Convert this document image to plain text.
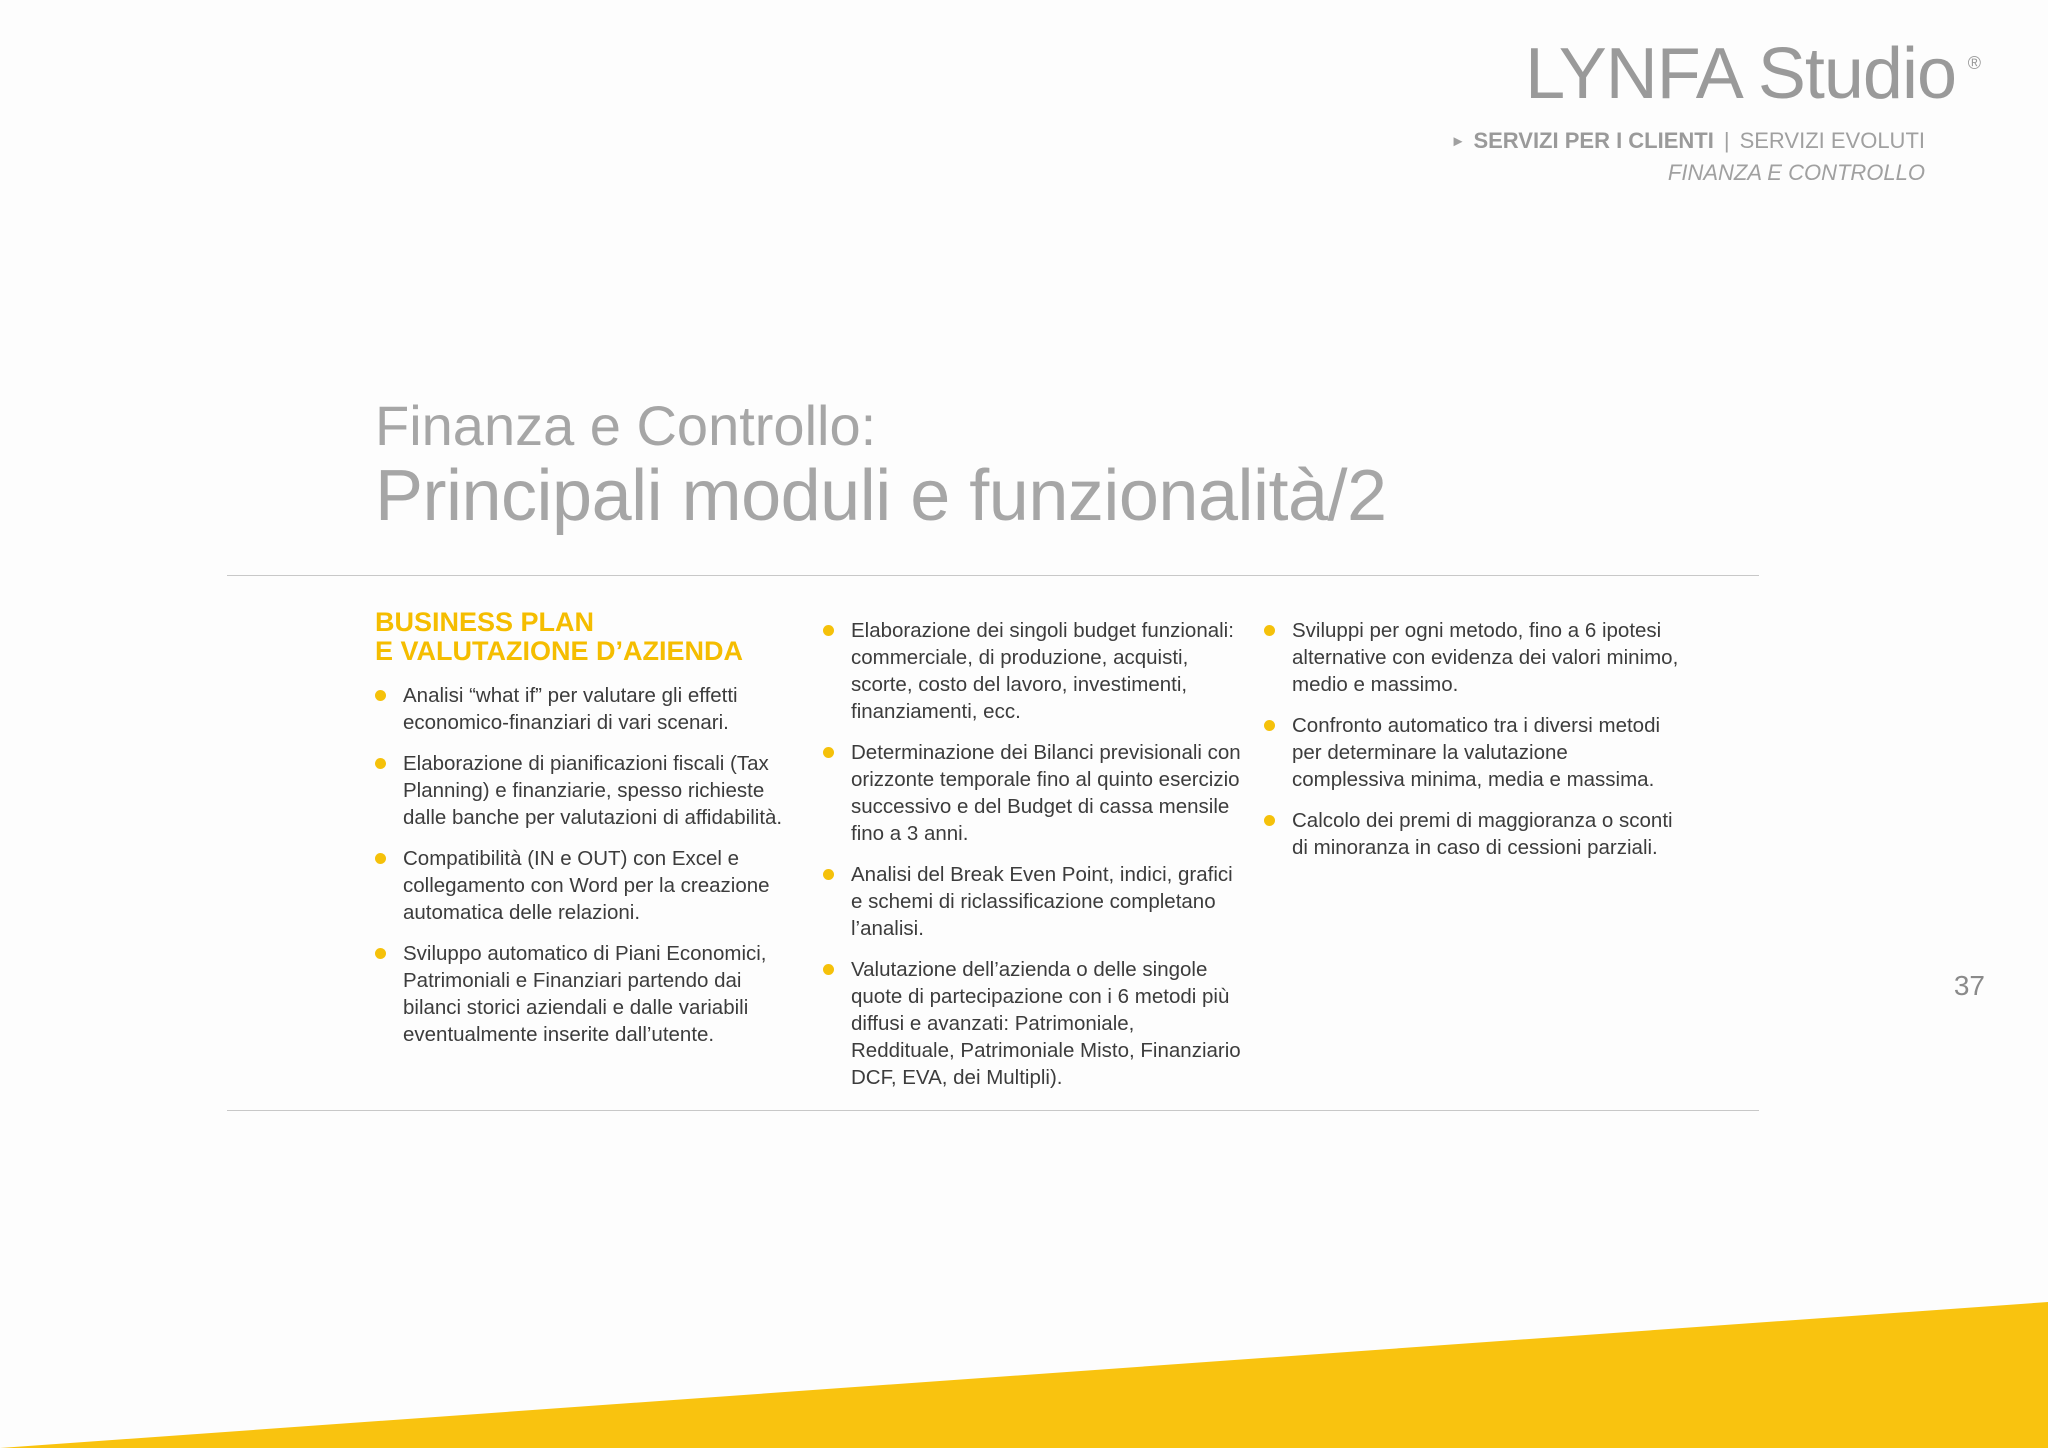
LYNFA Studio ®
► SERVIZI PER I CLIENTI | SERVIZI EVOLUTI
FINANZA E CONTROLLO
Finanza e Controllo:
Principali moduli e funzionalità/2
BUSINESS PLAN
E VALUTAZIONE D’AZIENDA
Analisi “what if” per valutare gli effetti economico-finanziari di vari scenari.
Elaborazione di pianificazioni fiscali (Tax Planning) e finanziarie, spesso richieste dalle banche per valutazioni di affidabilità.
Compatibilità (IN e OUT) con Excel e collegamento con Word per la creazione automatica delle relazioni.
Sviluppo automatico di Piani Economici, Patrimoniali e Finanziari partendo dai bilanci storici aziendali e dalle variabili eventualmente inserite dall’utente.
Elaborazione dei singoli budget funzionali: commerciale, di produzione, acquisti, scorte, costo del lavoro, investimenti, finanziamenti, ecc.
Determinazione dei Bilanci previsionali con orizzonte temporale fino al quinto esercizio successivo e del Budget di cassa mensile fino a 3 anni.
Analisi del Break Even Point, indici, grafici e schemi di riclassificazione completano l’analisi.
Valutazione dell’azienda o delle singole quote di partecipazione con i 6 metodi più diffusi e avanzati: Patrimoniale, Reddituale, Patrimoniale Misto, Finanziario DCF, EVA, dei Multipli).
Sviluppi per ogni metodo, fino a 6 ipotesi alternative con evidenza dei valori minimo, medio e massimo.
Confronto automatico tra i diversi metodi per determinare la valutazione complessiva minima, media e massima.
Calcolo dei premi di maggioranza o sconti di minoranza in caso di cessioni parziali.
37
